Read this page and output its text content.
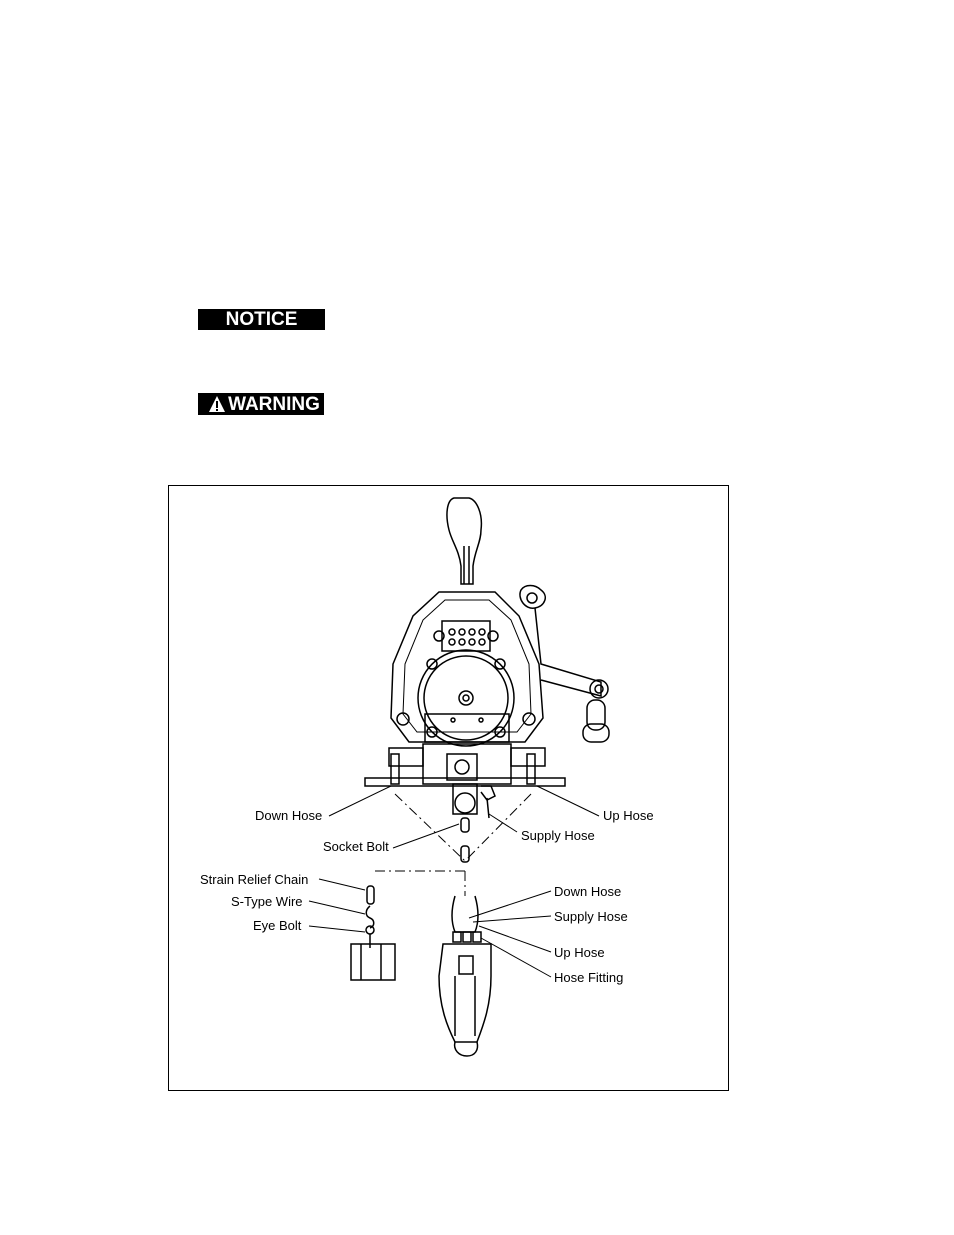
NOTICE
WARNING
Down Hose	Up Hose
Socket Bolt
Supply Hose
Strain Relief Chain
S-Type Wire
Eye Bolt
Down Hose
Supply Hose
Up Hose
Hose Fitting
